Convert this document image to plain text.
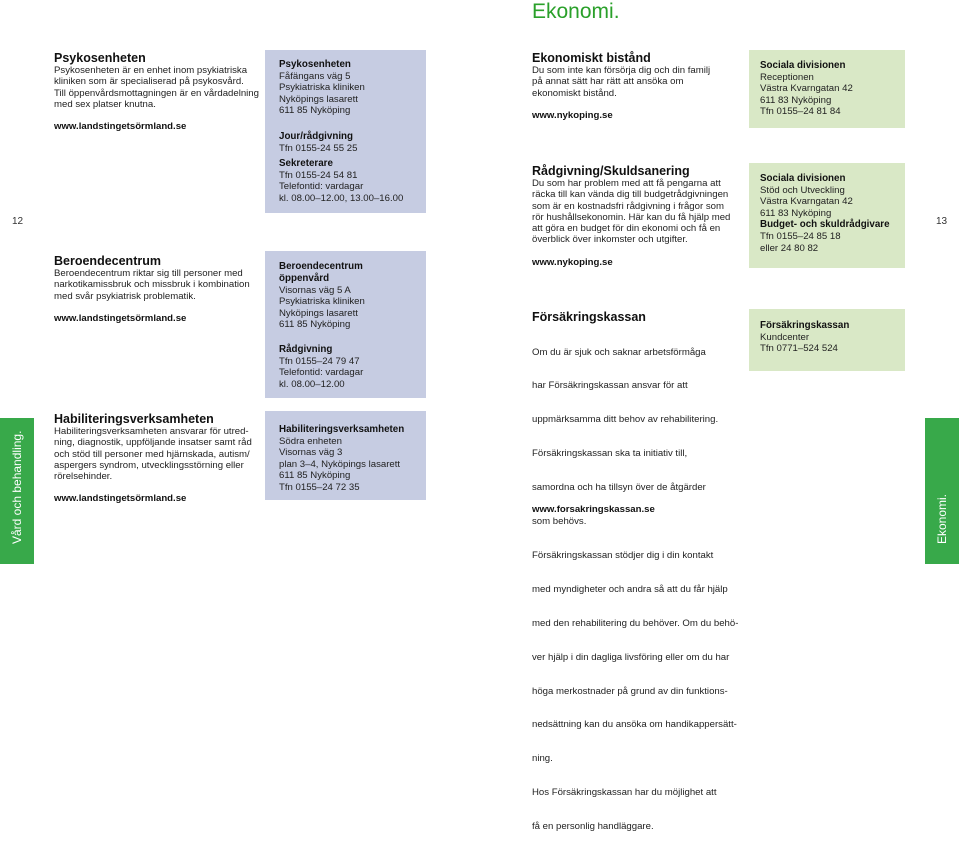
Ekonomi.
12	13
Vård och behandling.	Ekonomi.
Psykosenheten
Psykosenheten är en enhet inom psykiatriska
kliniken som är specialiserad på psykosvård.
Till öppenvårdsmottagningen är en vårdadelning
med sex platser knutna.
www.landstingetsörmland.se
Psykosenheten
Fåfängans väg 5
Psykiatriska kliniken
Nyköpings lasarett
611 85 Nyköping
Jour/rådgivning
Tfn 0155-24 55 25
Sekreterare
Tfn 0155-24 54 81
Telefontid: vardagar
kl. 08.00–12.00, 13.00–16.00
Beroendecentrum
Beroendecentrum riktar sig till personer med
narkotikamissbruk och missbruk i kombination
med svår psykiatrisk problematik.
www.landstingetsörmland.se
Beroendecentrum
öppenvård
Visornas väg 5 A
Psykiatriska kliniken
Nyköpings lasarett
611 85 Nyköping
Rådgivning
Tfn 0155–24 79 47
Telefontid: vardagar
kl. 08.00–12.00
Habiliteringsverksamheten
Habiliteringsverksamheten ansvarar för utred-
ning, diagnostik, uppföljande insatser samt råd
och stöd till personer med hjärnskada, autism/
aspergers syndrom, utvecklingsstörning eller
rörelsehinder.
www.landstingetsörmland.se
Habiliteringsverksamheten
Södra enheten
Visornas väg 3
plan 3–4, Nyköpings lasarett
611 85 Nyköping
Tfn 0155–24 72 35
Ekonomiskt bistånd
Du som inte kan försörja dig och din familj
på annat sätt har rätt att ansöka om
ekonomiskt bistånd.
www.nykoping.se
Sociala divisionen
Receptionen
Västra Kvarngatan 42
611 83 Nyköping
Tfn 0155–24 81 84
Rådgivning/Skuldsanering
Du som har problem med att få pengarna att
räcka till kan vända dig till budgetrådgivningen
som är en kostnadsfri rådgivning i frågor som
rör hushållsekonomin. Här kan du få hjälp med
att göra en budget för din ekonomi och få en
överblick över inkomster och utgifter.
www.nykoping.se
Sociala divisionen
Stöd och Utveckling
Västra Kvarngatan 42
611 83 Nyköping
Budget- och skuldrådgivare
Tfn 0155–24 85 18
eller 24 80 82
Försäkringskassan

Om du är sjuk och saknar arbetsförmåga

har Försäkringskassan ansvar för att

uppmärksamma ditt behov av rehabilitering.

Försäkringskassan ska ta initiativ till,

samordna och ha tillsyn över de åtgärder

som behövs.

Försäkringskassan stödjer dig i din kontakt

med myndigheter och andra så att du får hjälp

med den rehabilitering du behöver. Om du behö-

ver hjälp i din dagliga livsföring eller om du har

höga merkostnader på grund av din funktions-

nedsättning kan du ansöka om handikappersätt-

ning.

Hos Försäkringskassan har du möjlighet att

få en personlig handläggare.

www.forsakringskassan.se
Försäkringskassan
Kundcenter
Tfn 0771–524 524
